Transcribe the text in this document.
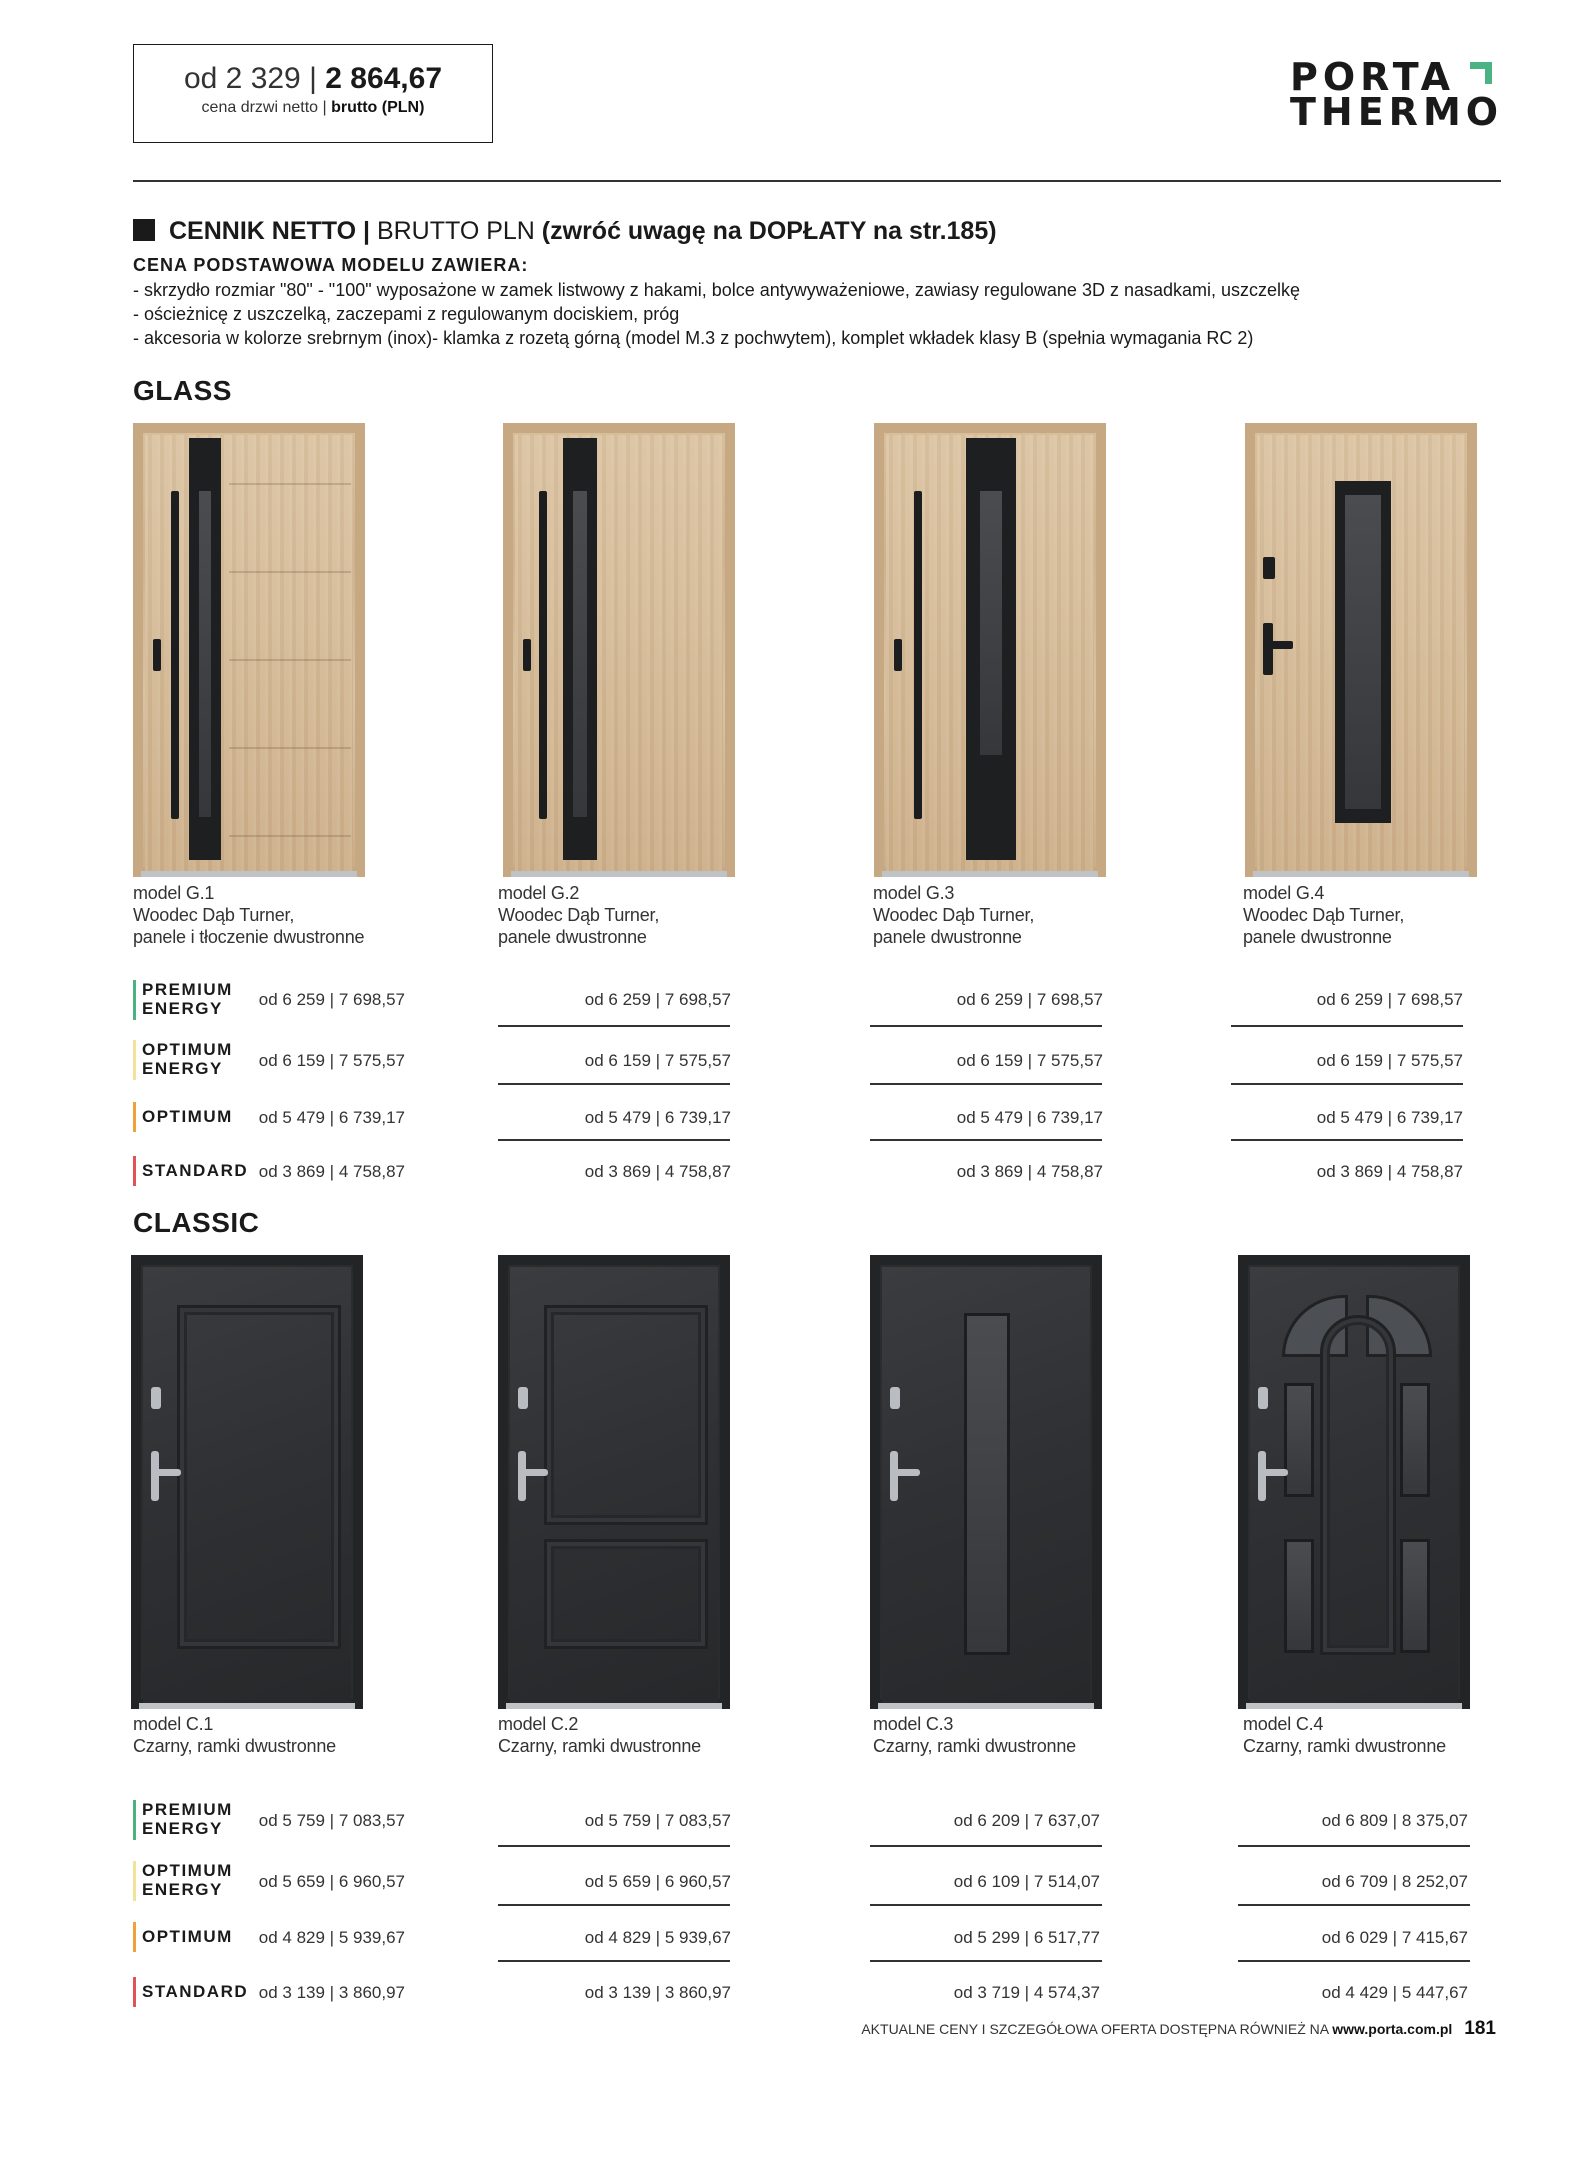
od 2 329 | 2 864,67
cena drzwi netto | brutto (PLN)
PORTA
THERMO
CENNIK NETTO | BRUTTO PLN (zwróć uwagę na DOPŁATY na str.185)
CENA PODSTAWOWA MODELU ZAWIERA:
- skrzydło rozmiar "80" - "100" wyposażone w zamek listwowy z hakami, bolce antywyważeniowe, zawiasy regulowane 3D z nasadkami, uszczelkę
- ościeżnicę z uszczelką, zaczepami z regulowanym dociskiem, próg
- akcesoria w kolorze srebrnym (inox)- klamka z rozetą górną (model M.3 z pochwytem), komplet wkładek klasy B (spełnia wymagania RC 2)
GLASS
model G.1
Woodec Dąb Turner,
panele i tłoczenie dwustronne
model G.2
Woodec Dąb Turner,
panele dwustronne
model G.3
Woodec Dąb Turner,
panele dwustronne
model G.4
Woodec Dąb Turner,
panele dwustronne
PREMIUM
ENERGY
OPTIMUM
ENERGY
OPTIMUM
STANDARD
od 6 259 | 7 698,57
od 6 159 | 7 575,57
od 5 479 | 6 739,17
od 3 869 | 4 758,87
od 6 259 | 7 698,57
od 6 159 | 7 575,57
od 5 479 | 6 739,17
od 3 869 | 4 758,87
od 6 259 | 7 698,57
od 6 159 | 7 575,57
od 5 479 | 6 739,17
od 3 869 | 4 758,87
od 6 259 | 7 698,57
od 6 159 | 7 575,57
od 5 479 | 6 739,17
od 3 869 | 4 758,87
CLASSIC
model C.1
Czarny, ramki dwustronne
model C.2
Czarny, ramki dwustronne
model C.3
Czarny, ramki dwustronne
model C.4
Czarny, ramki dwustronne
PREMIUM
ENERGY
OPTIMUM
ENERGY
OPTIMUM
STANDARD
od 5 759 | 7 083,57
od 5 659 | 6 960,57
od 4 829 | 5 939,67
od 3 139 | 3 860,97
od 5 759 | 7 083,57
od 5 659 | 6 960,57
od 4 829 | 5 939,67
od 3 139 | 3 860,97
od 6 209 | 7 637,07
od 6 109 | 7 514,07
od 5 299 | 6 517,77
od 3 719 | 4 574,37
od 6 809 | 8 375,07
od 6 709 | 8 252,07
od 6 029 | 7 415,67
od 4 429 | 5 447,67
AKTUALNE CENY I SZCZEGÓŁOWA OFERTA DOSTĘPNA RÓWNIEŻ NA www.porta.com.pl 181
